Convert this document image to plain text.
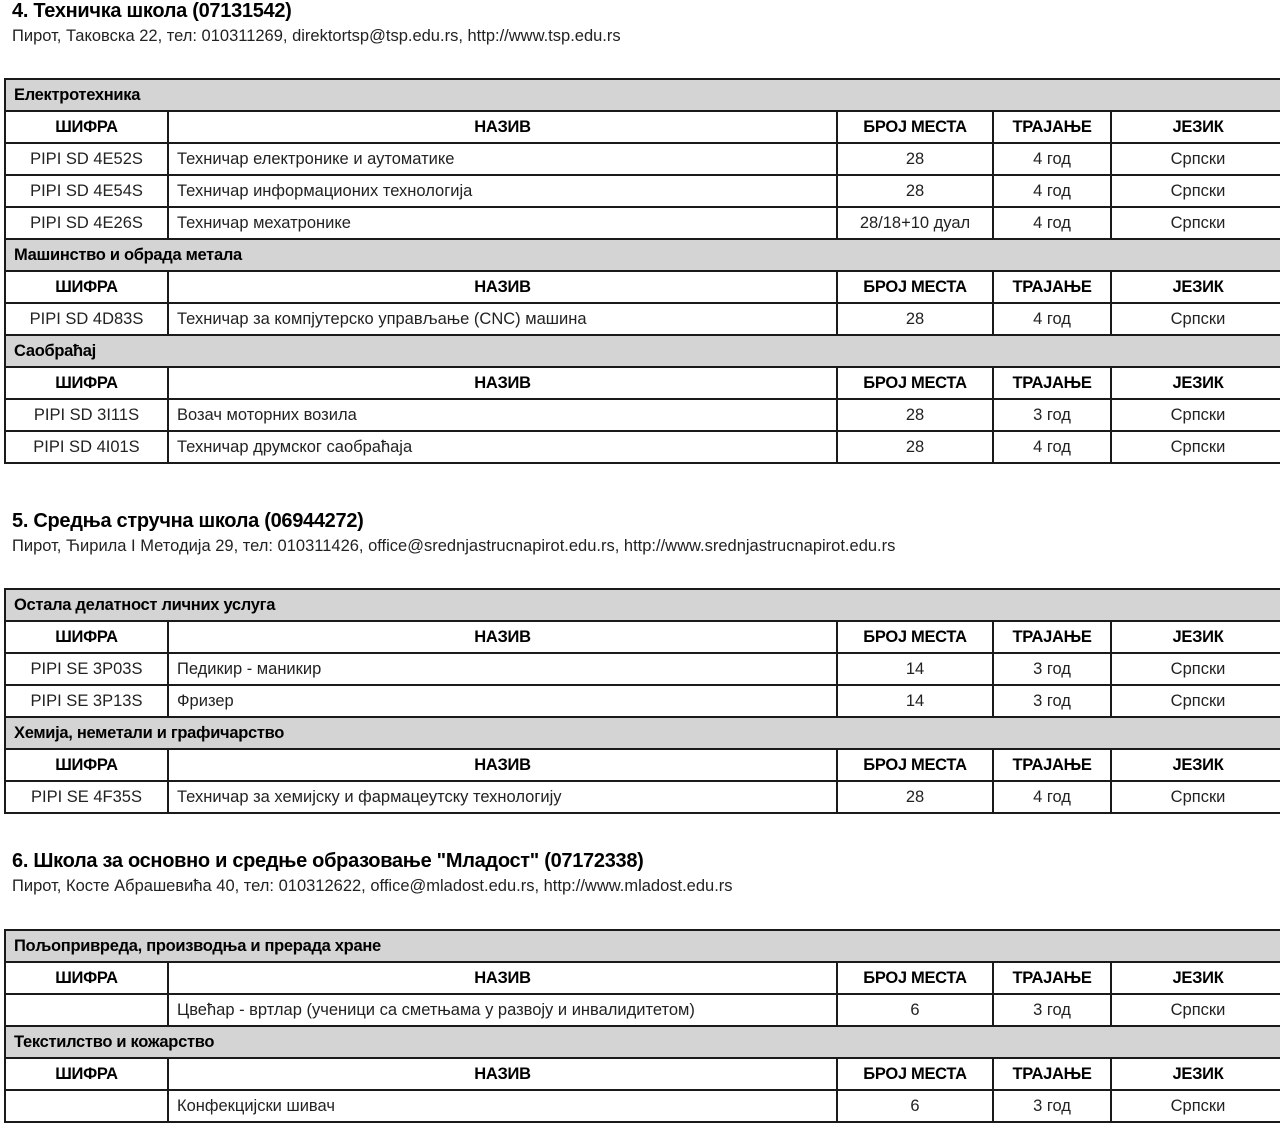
4. Техничка школа (07131542)
Пирот, Таковска 22, тел: 010311269, direktortsp@tsp.edu.rs, http://www.tsp.edu.rs
Електротехника				
ШИФРА	НАЗИВ	БРОЈ МЕСТА	ТРАЈАЊЕ	ЈЕЗИК
PIPI SD 4E52S	Техничар електронике и аутоматике	28	4 год	Српски
PIPI SD 4E54S	Техничар информационих технологија	28	4 год	Српски
PIPI SD 4E26S	Техничар мехатронике	28/18+10 дуал	4 год	Српски
Машинство и обрада метала				
ШИФРА	НАЗИВ	БРОЈ МЕСТА	ТРАЈАЊЕ	ЈЕЗИК
PIPI SD 4D83S	Техничар за компјутерско управљање (CNC) машина	28	4 год	Српски
Саобраћај				
ШИФРА	НАЗИВ	БРОЈ МЕСТА	ТРАЈАЊЕ	ЈЕЗИК
PIPI SD 3I11S	Возач моторних возила	28	3 год	Српски
PIPI SD 4I01S	Техничар друмског саобраћаја	28	4 год	Српски
5. Средња стручна школа (06944272)
Пирот, Ћирила I Методија 29, тел: 010311426, office@srednjastrucnapirot.edu.rs, http://www.srednjastrucnapirot.edu.rs
Остала делатност личних услуга				
ШИФРА	НАЗИВ	БРОЈ МЕСТА	ТРАЈАЊЕ	ЈЕЗИК
PIPI SE 3P03S	Педикир - маникир	14	3 год	Српски
PIPI SE 3P13S	Фризер	14	3 год	Српски
Хемија, неметали и графичарство				
ШИФРА	НАЗИВ	БРОЈ МЕСТА	ТРАЈАЊЕ	ЈЕЗИК
PIPI SE 4F35S	Техничар за хемијску и фармацеутску технологију	28	4 год	Српски
6. Школа за основно и средње образовање "Младост" (07172338)
Пирот, Косте Абрашевића 40, тел: 010312622, office@mladost.edu.rs, http://www.mladost.edu.rs
Пољопривреда, производња и прерада хране				
ШИФРА	НАЗИВ	БРОЈ МЕСТА	ТРАЈАЊЕ	ЈЕЗИК
	Цвећар - вртлар (ученици са сметњама у развоју и инвалидитетом)	6	3 год	Српски
Текстилство и кожарство				
ШИФРА	НАЗИВ	БРОЈ МЕСТА	ТРАЈАЊЕ	ЈЕЗИК
	Конфекцијски шивач	6	3 год	Српски
